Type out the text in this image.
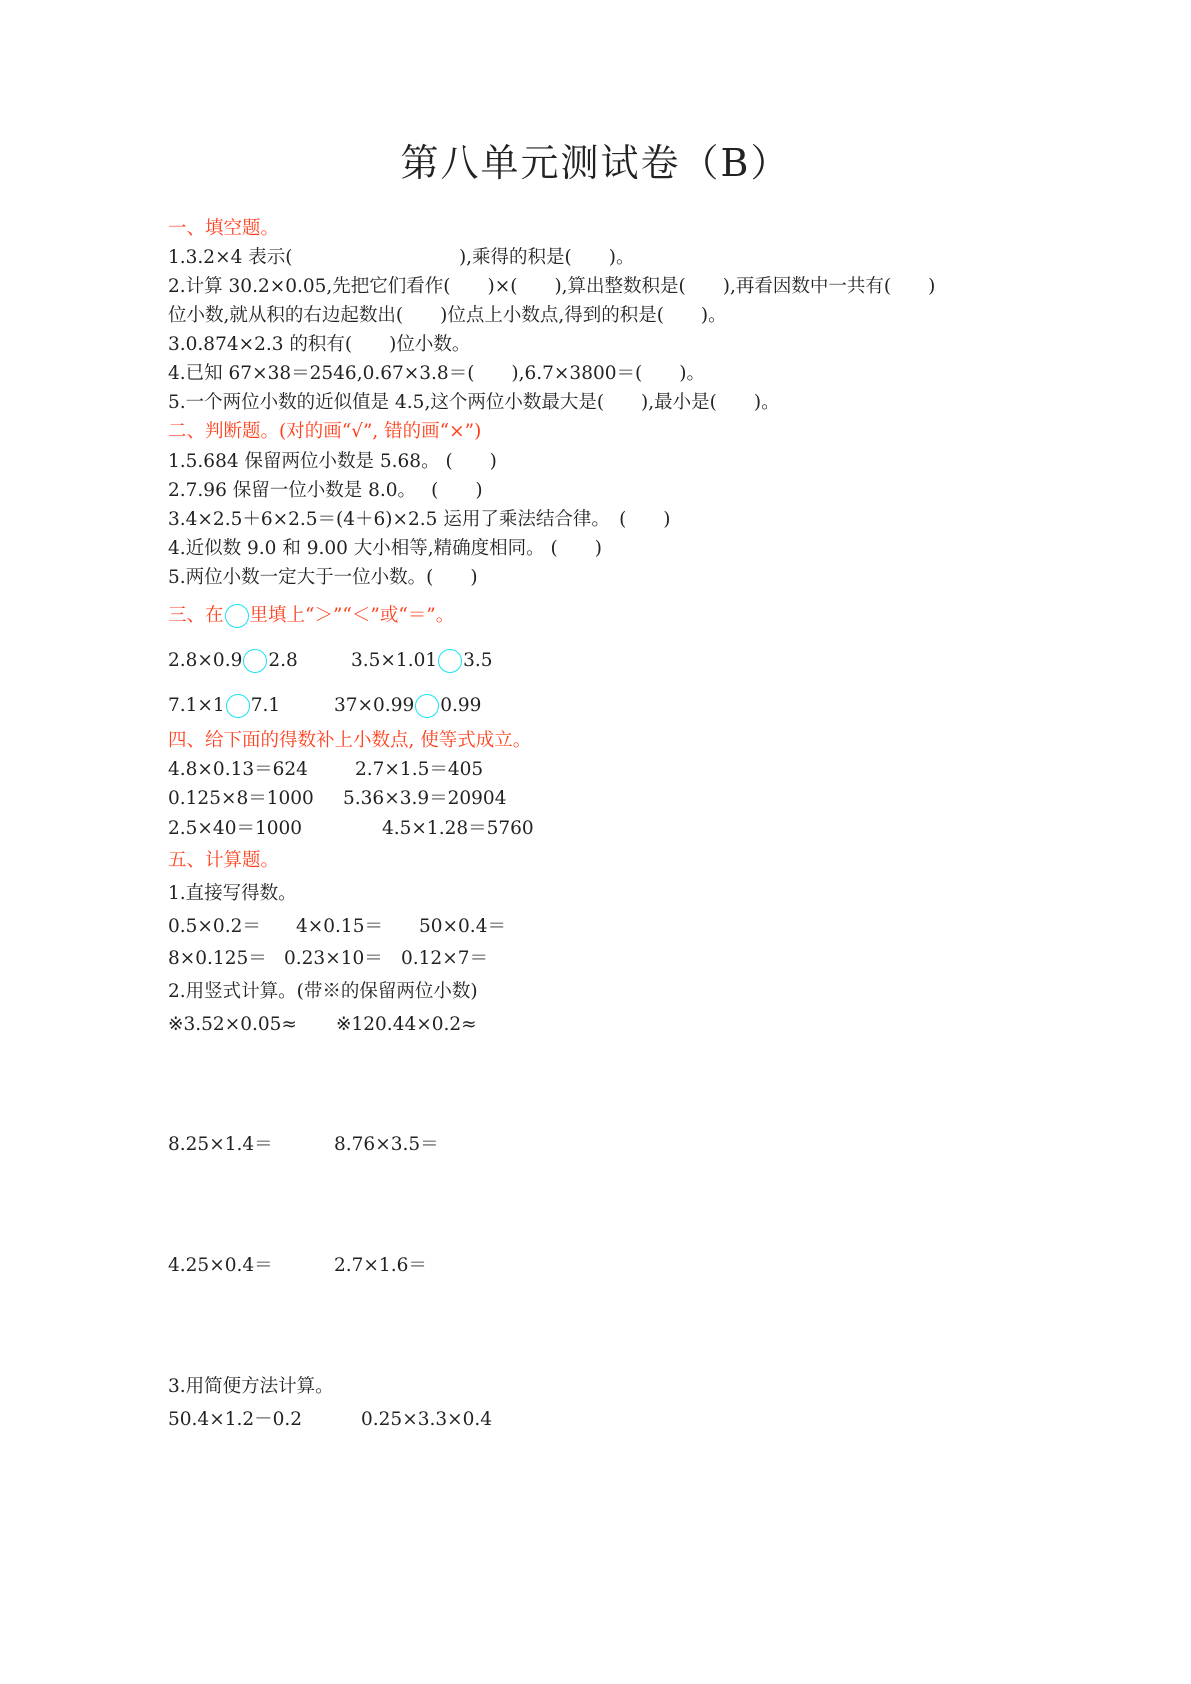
第八单元测试卷（B）
一、填空题。
1.3.2×4 表示(　　　　　　　　　),乘得的积是(　　)。
2.计算 30.2×0.05,先把它们看作(　　)×(　　),算出整数积是(　　),再看因数中一共有(　　)
位小数,就从积的右边起数出(　　)位点上小数点,得到的积是(　　)。
3.0.874×2.3 的积有(　　)位小数。
4.已知 67×38＝2546,0.67×3.8＝(　　),6.7×3800＝(　　)。
5.一个两位小数的近似值是 4.5,这个两位小数最大是(　　),最小是(　　)。
二、判断题。(对的画“√”, 错的画“×”)
1.5.684 保留两位小数是 5.68。 (　　)
2.7.96 保留一位小数是 8.0。　 (　　)
3.4×2.5＋6×2.5＝(4＋6)×2.5 运用了乘法结合律。　(　　)
4.近似数 9.0 和 9.00 大小相等,精确度相同。 (　　)
5.两位小数一定大于一位小数。(　　)
三、在 里填上“＞”“＜”或“＝”。
2.8×0.9 2.8	3.5×1.01 3.5
7.1×1 7.1	37×0.99 0.99
四、给下面的得数补上小数点, 使等式成立。
4.8×0.13＝624	2.7×1.5＝405
0.125×8＝1000	5.36×3.9＝20904
2.5×40＝1000	4.5×1.28＝5760
五、计算题。
1.直接写得数。
0.5×0.2＝	4×0.15＝	50×0.4＝
8×0.125＝ 0.23×10＝ 0.12×7＝
2.用竖式计算。(带※的保留两位小数)
※3.52×0.05≈	※120.44×0.2≈
8.25×1.4＝	8.76×3.5＝
4.25×0.4＝	2.7×1.6＝
3.用简便方法计算。
50.4×1.2－0.2	0.25×3.3×0.4
